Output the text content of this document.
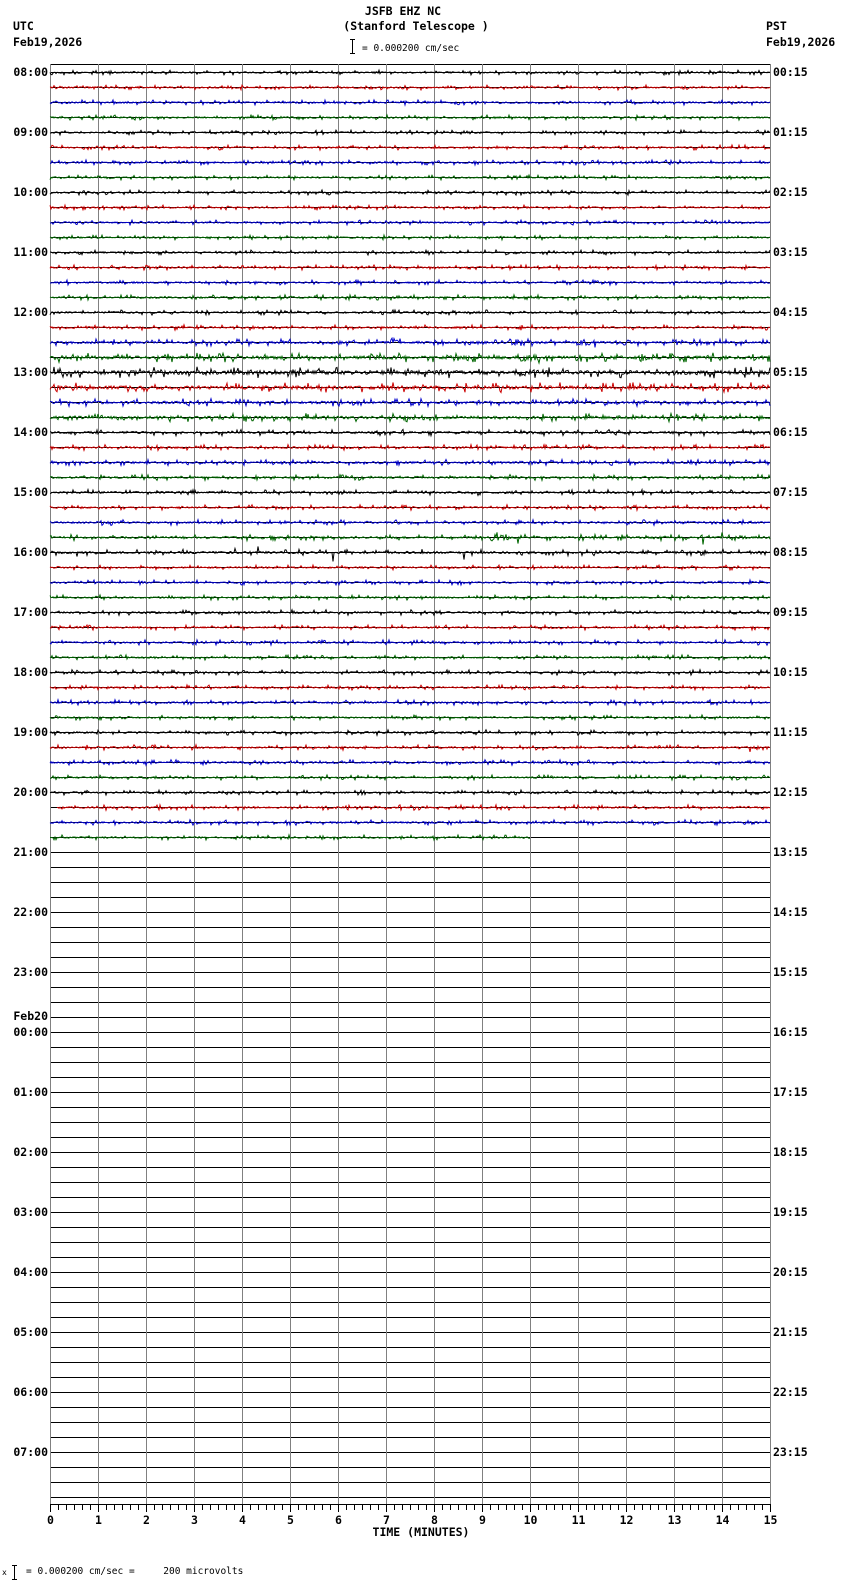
JSFB EHZ NC
(Stanford Telescope )
= 0.000200 cm/sec
UTC
Feb19,2026
PST
Feb19,2026
08:00
09:00
10:00
11:00
12:00
13:00
14:00
15:00
16:00
17:00
18:00
19:00
20:00
21:00
22:00
23:00
Feb20
00:00
01:00
02:00
03:00
04:00
05:00
06:00
07:00
00:15
01:15
02:15
03:15
04:15
05:15
06:15
07:15
08:15
09:15
10:15
11:15
12:15
13:15
14:15
15:15
16:15
17:15
18:15
19:15
20:15
21:15
22:15
23:15
0	1	2	3	4	5	6	7	8	9	10	11	12	13	14	15
TIME (MINUTES)
x = 0.000200 cm/sec =     200 microvolts
